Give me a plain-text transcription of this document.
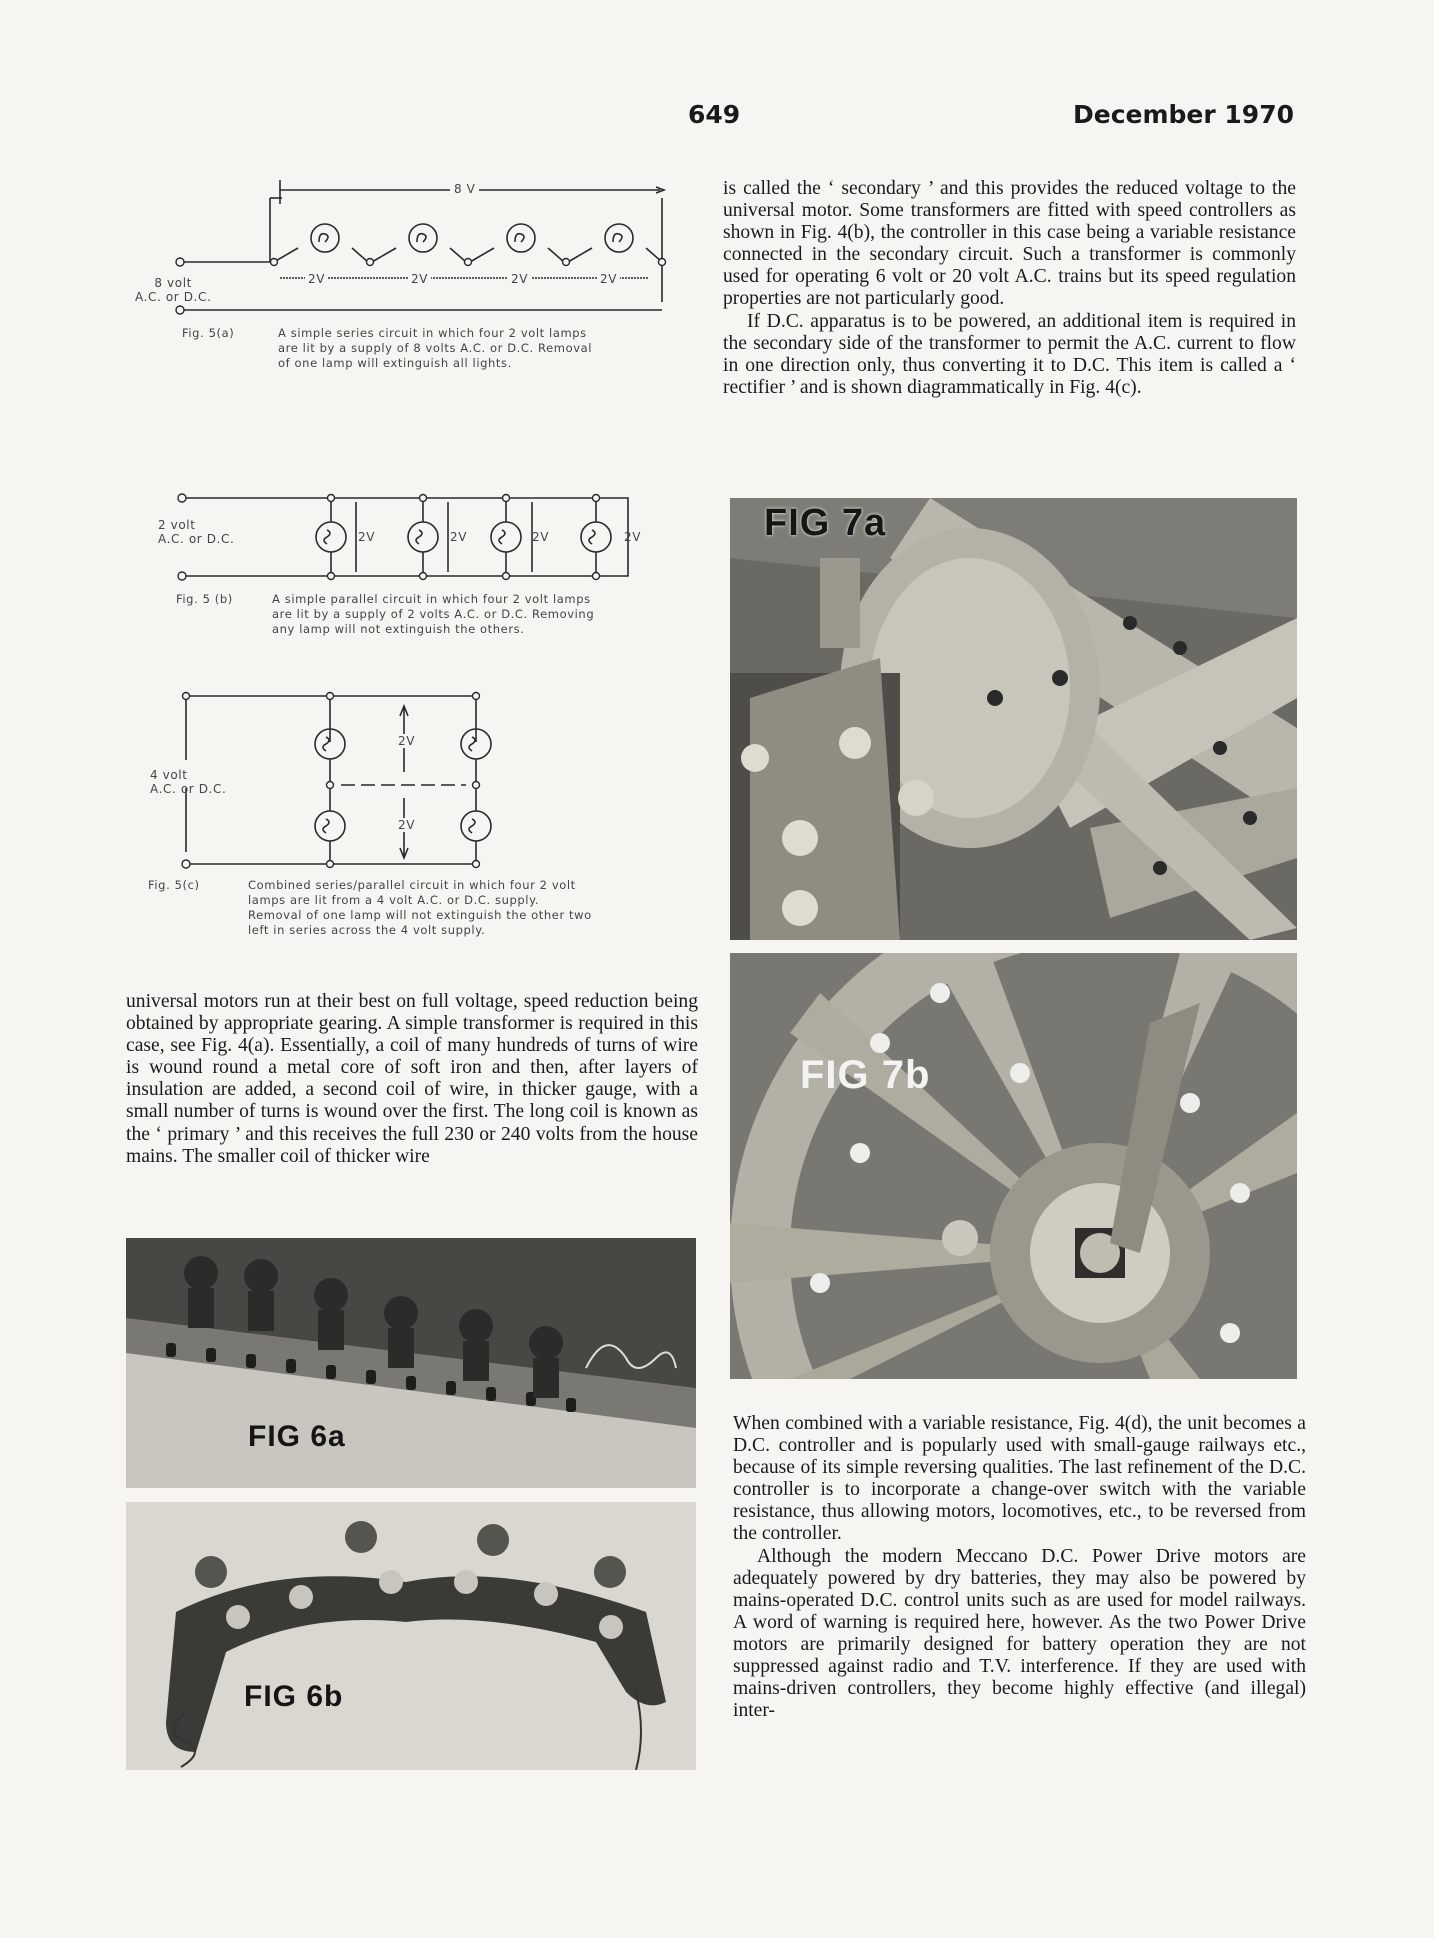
649	December 1970
8 V
2V	2V	2V	2V
8 volt
A.C. or D.C.
Fig. 5(a)	A simple series circuit in which four 2 volt lamps
are lit by a supply of 8 volts A.C. or D.C. Removal
of one lamp will extinguish all lights.
2V	2V	2V	2V
2 volt
A.C. or D.C.
Fig. 5 (b)	A simple parallel circuit in which four 2 volt lamps
are lit by a supply of 2 volts A.C. or D.C. Removing
any lamp will not extinguish the others.
2V
2V
4 volt
A.C. or D.C.
Fig. 5(c)	Combined series/parallel circuit in which four 2 volt
lamps are lit from a 4 volt A.C. or D.C. supply.
Removal of one lamp will not extinguish the other two
left in series across the 4 volt supply.

universal motors run at their best on full voltage, speed reduction being obtained by appropriate gearing. A simple transformer is required in this case, see Fig. 4(a). Essentially, a coil of many hundreds of turns of wire is wound round a metal core of soft iron and then, after layers of insulation are added, a second coil of wire, in thicker gauge, with a small number of turns is wound over the first. The long coil is known as the ‘ primary ’ and this receives the full 230 or 240 volts from the house mains. The smaller coil of thicker wire

is called the ‘ secondary ’ and this provides the reduced voltage to the universal motor. Some transformers are fitted with speed controllers as shown in Fig. 4(b), the controller in this case being a variable resistance connected in the secondary circuit. Such a transformer is commonly used for operating 6 volt or 20 volt A.C. trains but its speed regulation properties are not particularly good.

If D.C. apparatus is to be powered, an additional item is required in the secondary side of the transformer to permit the A.C. current to flow in one direction only, thus converting it to D.C. This item is called a ‘ rectifier ’ and is shown diagrammatically in Fig. 4(c).

FIG 7a
FIG 7b

When combined with a variable resistance, Fig. 4(d), the unit becomes a D.C. controller and is popularly used with small-gauge railways etc., because of its simple reversing qualities. The last refinement of the D.C. controller is to incorporate a change-over switch with the variable resistance, thus allowing motors, locomotives, etc., to be reversed from the controller.

Although the modern Meccano D.C. Power Drive motors are adequately powered by dry batteries, they may also be powered by mains-operated D.C. control units such as are used for model railways. A word of warning is required here, however. As the two Power Drive motors are primarily designed for battery operation they are not suppressed against radio and T.V. interference. If they are used with mains-driven controllers, they become highly effective (and illegal) inter-

FIG 6a
FIG 6b
